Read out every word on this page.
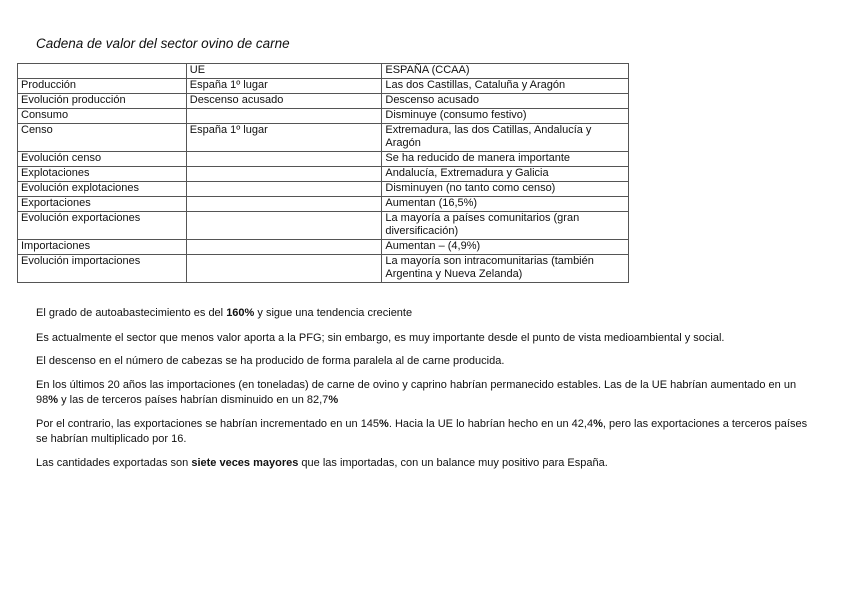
Cadena de valor del sector ovino de carne
	UE	ESPAÑA (CCAA)
Producción	España 1º lugar	Las dos Castillas, Cataluña y Aragón
Evolución producción	Descenso acusado	Descenso acusado
Consumo		Disminuye (consumo festivo)
Censo	España 1º lugar	Extremadura, las dos Catillas, Andalucía y Aragón
Evolución censo		Se ha reducido de manera importante
Explotaciones		Andalucía, Extremadura y Galicia
Evolución explotaciones		Disminuyen (no tanto como censo)
Exportaciones		Aumentan (16,5%)
Evolución exportaciones		La mayoría a países comunitarios (gran diversificación)
Importaciones		Aumentan – (4,9%)
Evolución importaciones		La mayoría son intracomunitarias (también Argentina y Nueva Zelanda)

El grado de autoabastecimiento es del 160% y sigue una tendencia creciente

Es actualmente el sector que menos valor aporta a la PFG; sin embargo, es muy importante desde el punto de vista medioambiental y social.

El descenso en el número de cabezas se ha producido de forma paralela al de carne producida.

En los últimos 20 años las importaciones (en toneladas) de carne de ovino y caprino habrían permanecido estables. Las de la UE habrían aumentado en un 98% y las de terceros países habrían disminuido en un 82,7%

Por el contrario, las exportaciones se habrían incrementado en un 145%. Hacia la UE lo habrían hecho en un 42,4%, pero las exportaciones a terceros países se habrían multiplicado por 16.

Las cantidades exportadas son siete veces mayores que las importadas, con un balance muy positivo para España.
